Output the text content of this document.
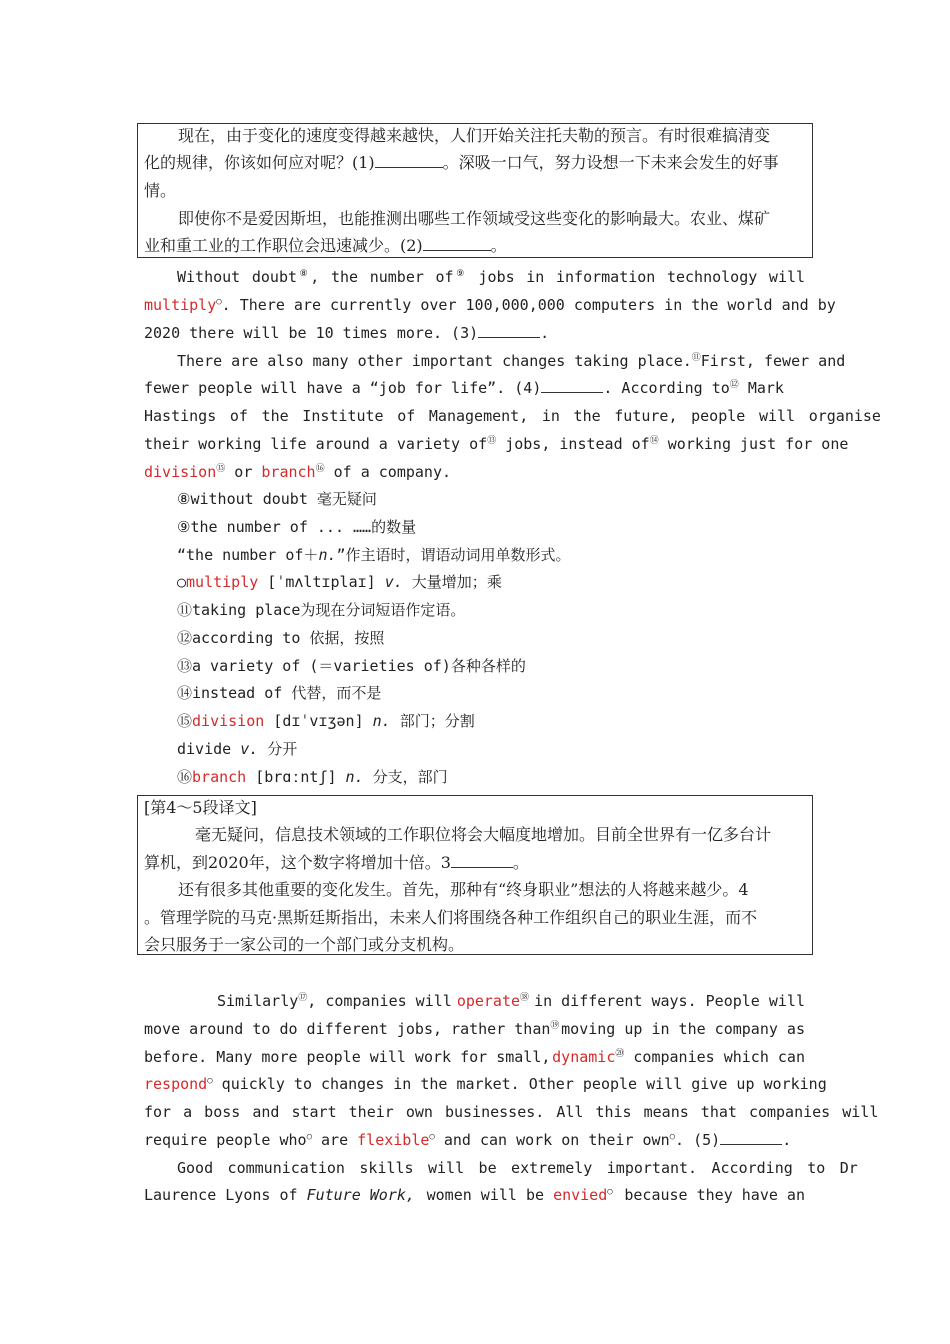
现在，由于变化的速度变得越来越快，人们开始关注托夫勒的预言。有时很难搞清变
化的规律，你该如何应对呢？(1)	。深吸一口气，努力设想一下未来会发生的好事
情。
即使你不是爱因斯坦，也能推测出哪些工作领域受这些变化的影响最大。农业、煤矿
业和重工业的工作职位会迅速减少。(2)	。
Without doubt⑧, the number of⑨ jobs in information technology will
multiply○. There are currently over 100,000,000 computers in the world and by
2020 there will be 10 times more. (3)	.
There are also many other important changes taking place.⑪ First, fewer and
fewer people will have a “job for life”. (4)	. According to⑫ Mark
Hastings of the Institute of Management, in the future, people will organise
their working life around a variety of⑬ jobs, instead of⑭ working just for one
division⑮ or branch⑯ of a company.
⑧without doubt 毫无疑问
⑨the number of ... ……的数量
“the number of＋n.”作主语时，谓语动词用单数形式。
○multiply [ˈmʌltɪplaɪ] v. 大量增加；乘
⑪taking place为现在分词短语作定语。
⑫according to 依据，按照
⑬a variety of (＝varieties of)各种各样的
⑭instead of 代替，而不是
⑮division [dɪˈvɪʒən] n. 部门；分割
divide v. 分开
⑯branch [brɑːntʃ] n. 分支，部门
[第4～5段译文]
毫无疑问，信息技术领域的工作职位将会大幅度地增加。目前全世界有一亿多台计
算机，到2020年，这个数字将增加十倍。3	。
还有很多其他重要的变化发生。首先，那种有“终身职业”想法的人将越来越少。4
。管理学院的马克·黑斯廷斯指出，未来人们将围绕各种工作组织自己的职业生涯，而不
会只服务于一家公司的一个部门或分支机构。
Similarly⑰, companies will operate⑱ in different ways. People will
move around to do different jobs, rather than⑲ moving up in the company as
before. Many more people will work for small, dynamic⑳ companies which can
respond○ quickly to changes in the market. Other people will give up working
for a boss and start their own businesses. All this means that companies will
require people who○ are flexible○ and can work on their own○. (5)	.
Good communication skills will be extremely important. According to Dr
Laurence Lyons of Future Work, women will be envied○ because they have an
